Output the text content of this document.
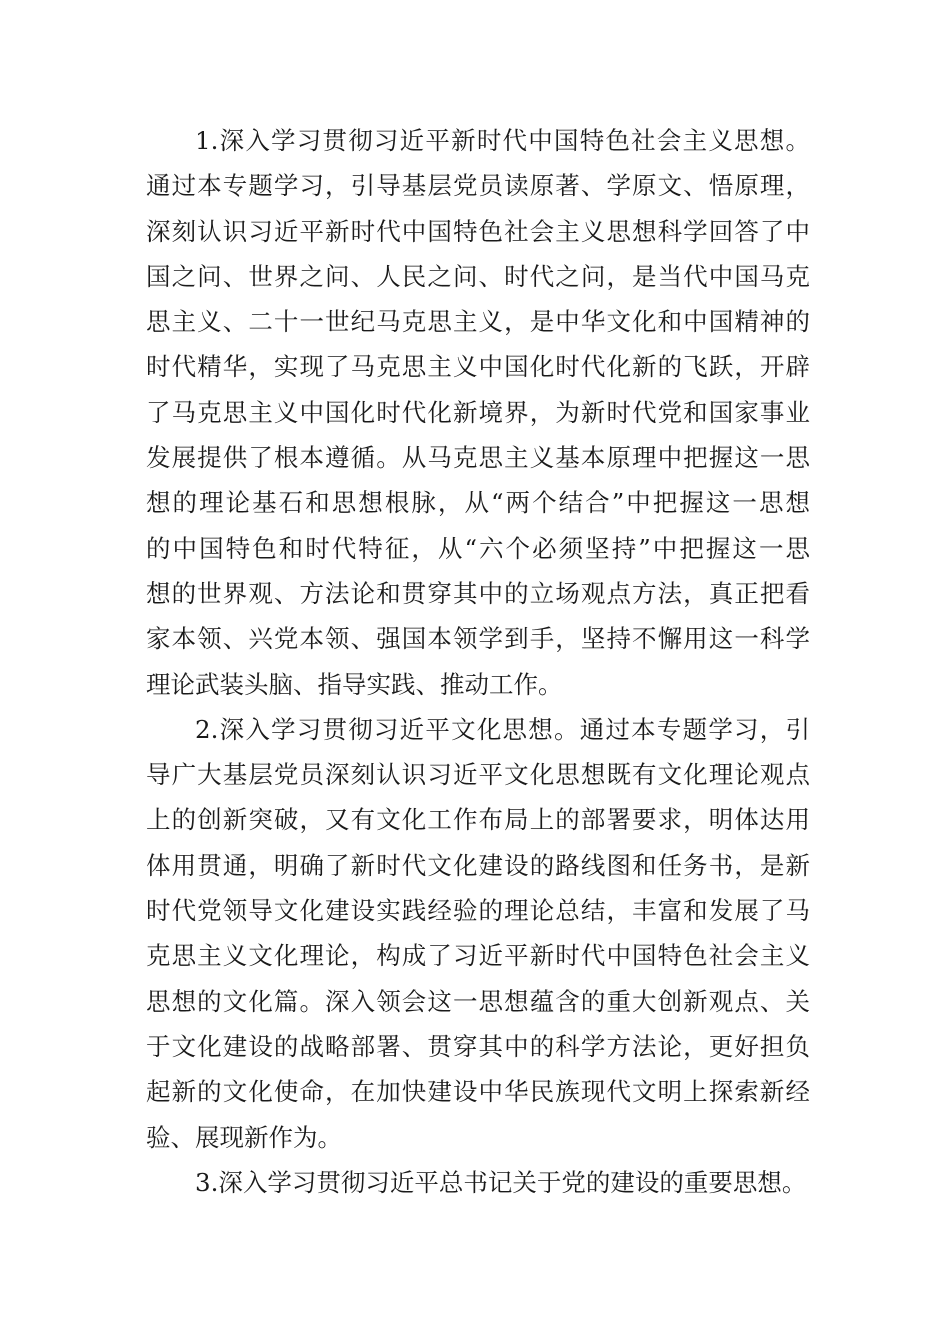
1.深入学习贯彻习近平新时代中国特色社会主义思想。
通过本专题学习，引导基层党员读原著、学原文、悟原理，
深刻认识习近平新时代中国特色社会主义思想科学回答了中
国之问、世界之问、人民之问、时代之问，是当代中国马克
思主义、二十一世纪马克思主义，是中华文化和中国精神的
时代精华，实现了马克思主义中国化时代化新的飞跃，开辟
了马克思主义中国化时代化新境界，为新时代党和国家事业
发展提供了根本遵循。从马克思主义基本原理中把握这一思
想的理论基石和思想根脉，从“两个结合”中把握这一思想
的中国特色和时代特征，从“六个必须坚持”中把握这一思
想的世界观、方法论和贯穿其中的立场观点方法，真正把看
家本领、兴党本领、强国本领学到手，坚持不懈用这一科学
理论武装头脑、指导实践、推动工作。
2.深入学习贯彻习近平文化思想。通过本专题学习，引
导广大基层党员深刻认识习近平文化思想既有文化理论观点
上的创新突破，又有文化工作布局上的部署要求，明体达用
体用贯通，明确了新时代文化建设的路线图和任务书，是新
时代党领导文化建设实践经验的理论总结，丰富和发展了马
克思主义文化理论，构成了习近平新时代中国特色社会主义
思想的文化篇。深入领会这一思想蕴含的重大创新观点、关
于文化建设的战略部署、贯穿其中的科学方法论，更好担负
起新的文化使命，在加快建设中华民族现代文明上探索新经
验、展现新作为。
3.深入学习贯彻习近平总书记关于党的建设的重要思想。
